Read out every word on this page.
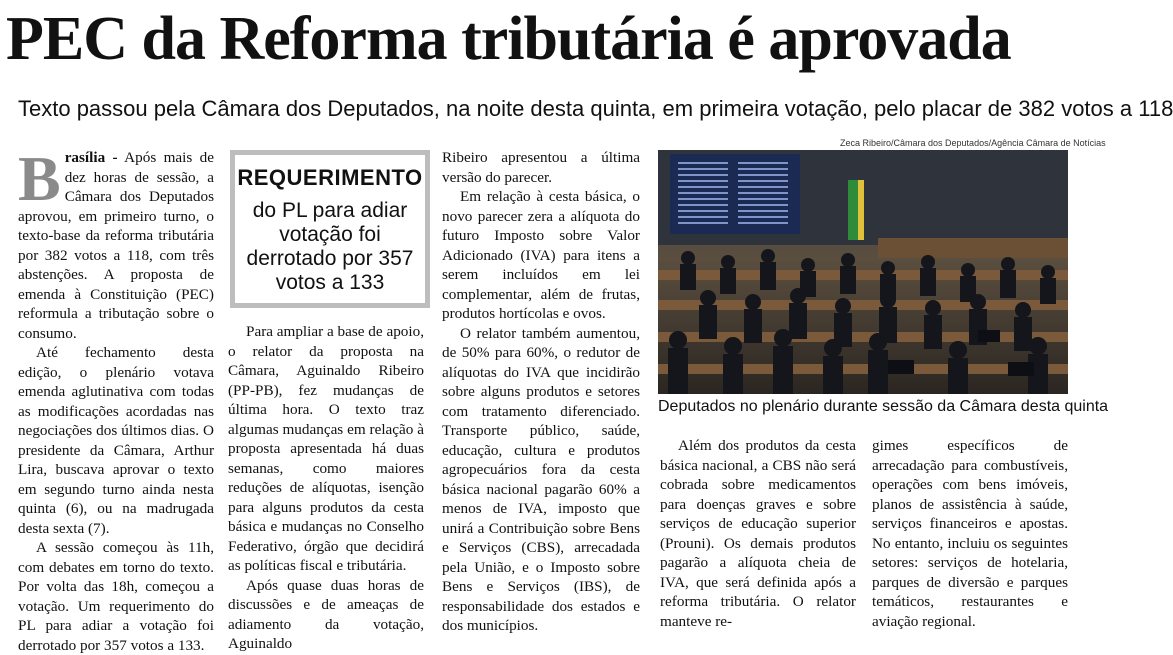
PEC da Reforma tributária é aprovada
Texto passou pela Câmara dos Deputados, na noite desta quinta, em primeira votação, pelo placar de 382 votos a 118

Brasília - Após mais de dez horas de sessão, a Câmara dos Deputados aprovou, em primeiro turno, o texto-base da reforma tributária por 382 votos a 118, com três abstenções. A proposta de emenda à Constituição (PEC) reformula a tributação sobre o consumo.

Até fechamento desta edição, o plenário votava emenda aglutinativa com todas as modificações acordadas nas negociações dos últimos dias. O presidente da Câmara, Arthur Lira, buscava aprovar o texto em segundo turno ainda nesta quinta (6), ou na madrugada desta sexta (7).

A sessão começou às 11h, com debates em torno do texto. Por volta das 18h, começou a votação. Um requerimento do PL para adiar a votação foi derrotado por 357 votos a 133.

REQUERIMENTO
do PL para adiar votação foi derrotado por 357 votos a 133

Para ampliar a base de apoio, o relator da proposta na Câmara, Aguinaldo Ribeiro (PP-PB), fez mudanças de última hora. O texto traz algumas mudanças em relação à proposta apresentada há duas semanas, como maiores reduções de alíquotas, isenção para alguns produtos da cesta básica e mudanças no Conselho Federativo, órgão que decidirá as políticas fiscal e tributária.

Após quase duas horas de discussões e de ameaças de adiamento da votação, Aguinaldo

Ribeiro apresentou a última versão do parecer.

Em relação à cesta básica, o novo parecer zera a alíquota do futuro Imposto sobre Valor Adicionado (IVA) para itens a serem incluídos em lei complementar, além de frutas, produtos hortícolas e ovos.

O relator também aumentou, de 50% para 60%, o redutor de alíquotas do IVA que incidirão sobre alguns produtos e setores com tratamento diferenciado. Transporte público, saúde, educação, cultura e produtos agropecuários fora da cesta básica nacional pagarão 60% a menos de IVA, imposto que unirá a Contribuição sobre Bens e Serviços (CBS), arrecadada pela União, e o Imposto sobre Bens e Serviços (IBS), de responsabilidade dos estados e dos municípios.

Zeca Ribeiro/Câmara dos Deputados/Agência Câmara de Notícias
Deputados no plenário durante sessão da Câmara desta quinta

Além dos produtos da cesta básica nacional, a CBS não será cobrada sobre medicamentos para doenças graves e sobre serviços de educação superior (Prouni). Os demais produtos pagarão a alíquota cheia de IVA, que será definida após a reforma tributária. O relator manteve re-

gimes específicos de arrecadação para combustíveis, operações com bens imóveis, planos de assistência à saúde, serviços financeiros e apostas. No entanto, incluiu os seguintes setores: serviços de hotelaria, parques de diversão e parques temáticos, restaurantes e aviação regional.
